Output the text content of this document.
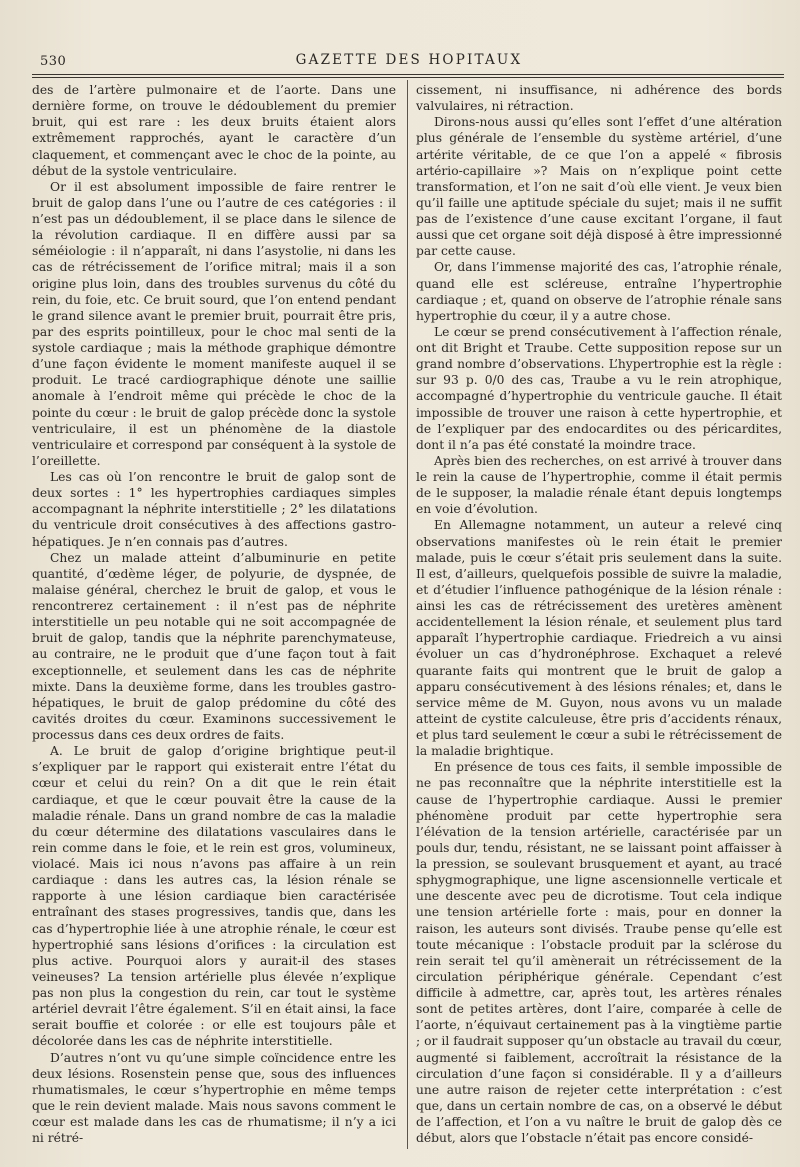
530	GAZETTE DES HOPITAUX

des de l’artère pulmonaire et de l’aorte. Dans une dernière forme, on trouve le dédoublement du premier bruit, qui est rare : les deux bruits étaient alors extrêmement rapprochés, ayant le caractère d’un claquement, et commençant avec le choc de la pointe, au début de la systole ventriculaire.

Or il est absolument impossible de faire rentrer le bruit de galop dans l’une ou l’autre de ces catégories : il n’est pas un dédoublement, il se place dans le silence de la révolution cardiaque. Il en diffère aussi par sa séméiologie : il n’apparaît, ni dans l’asystolie, ni dans les cas de rétrécissement de l’orifice mitral; mais il a son origine plus loin, dans des troubles survenus du côté du rein, du foie, etc. Ce bruit sourd, que l’on entend pendant le grand silence avant le premier bruit, pourrait être pris, par des esprits pointilleux, pour le choc mal senti de la systole cardiaque ; mais la méthode graphique démontre d’une façon évidente le moment manifeste auquel il se produit. Le tracé cardiographique dénote une saillie anomale à l’endroit même qui précède le choc de la pointe du cœur : le bruit de galop précède donc la systole ventriculaire, il est un phénomène de la diastole ventriculaire et correspond par conséquent à la systole de l’oreillette.

Les cas où l’on rencontre le bruit de galop sont de deux sortes : 1° les hypertrophies cardiaques simples accompagnant la néphrite interstitielle ; 2° les dilatations du ventricule droit consécutives à des affections gastro-hépatiques. Je n’en connais pas d’autres.

Chez un malade atteint d’albuminurie en petite quantité, d’œdème léger, de polyurie, de dyspnée, de malaise général, cherchez le bruit de galop, et vous le rencontrerez certainement : il n’est pas de néphrite interstitielle un peu notable qui ne soit accompagnée de bruit de galop, tandis que la néphrite parenchymateuse, au contraire, ne le produit que d’une façon tout à fait exceptionnelle, et seulement dans les cas de néphrite mixte. Dans la deuxième forme, dans les troubles gastro-hépatiques, le bruit de galop prédomine du côté des cavités droites du cœur. Examinons successivement le processus dans ces deux ordres de faits.

A. Le bruit de galop d’origine brightique peut-il s’expliquer par le rapport qui existerait entre l’état du cœur et celui du rein? On a dit que le rein était cardiaque, et que le cœur pouvait être la cause de la maladie rénale. Dans un grand nombre de cas la maladie du cœur détermine des dilatations vasculaires dans le rein comme dans le foie, et le rein est gros, volumineux, violacé. Mais ici nous n’avons pas affaire à un rein cardiaque : dans les autres cas, la lésion rénale se rapporte à une lésion cardiaque bien caractérisée entraînant des stases progressives, tandis que, dans les cas d’hypertrophie liée à une atrophie rénale, le cœur est hypertrophié sans lésions d’orifices : la circulation est plus active. Pourquoi alors y aurait-il des stases veineuses? La tension artérielle plus élevée n’explique pas non plus la congestion du rein, car tout le système artériel devrait l’être également. S’il en était ainsi, la face serait bouffie et colorée : or elle est toujours pâle et décolorée dans les cas de néphrite interstitielle.

D’autres n’ont vu qu’une simple coïncidence entre les deux lésions. Rosenstein pense que, sous des influences rhumatismales, le cœur s’hypertrophie en même temps que le rein devient malade. Mais nous savons comment le cœur est malade dans les cas de rhumatisme; il n’y a ici ni rétré-

cissement, ni insuffisance, ni adhérence des bords valvulaires, ni rétraction.

Dirons-nous aussi qu’elles sont l’effet d’une altération plus générale de l’ensemble du système artériel, d’une artérite véritable, de ce que l’on a appelé « fibrosis artério-capillaire »? Mais on n’explique point cette transformation, et l’on ne sait d’où elle vient. Je veux bien qu’il faille une aptitude spéciale du sujet; mais il ne suffit pas de l’existence d’une cause excitant l’organe, il faut aussi que cet organe soit déjà disposé à être impressionné par cette cause.

Or, dans l’immense majorité des cas, l’atrophie rénale, quand elle est scléreuse, entraîne l’hypertrophie cardiaque ; et, quand on observe de l’atrophie rénale sans hypertrophie du cœur, il y a autre chose.

Le cœur se prend consécutivement à l’affection rénale, ont dit Bright et Traube. Cette supposition repose sur un grand nombre d’observations. L’hypertrophie est la règle : sur 93 p. 0/0 des cas, Traube a vu le rein atrophique, accompagné d’hypertrophie du ventricule gauche. Il était impossible de trouver une raison à cette hypertrophie, et de l’expliquer par des endocardites ou des péricardites, dont il n’a pas été constaté la moindre trace.

Après bien des recherches, on est arrivé à trouver dans le rein la cause de l’hypertrophie, comme il était permis de le supposer, la maladie rénale étant depuis longtemps en voie d’évolution.

En Allemagne notamment, un auteur a relevé cinq observations manifestes où le rein était le premier malade, puis le cœur s’était pris seulement dans la suite. Il est, d’ailleurs, quelquefois possible de suivre la maladie, et d’étudier l’influence pathogénique de la lésion rénale : ainsi les cas de rétrécissement des uretères amènent accidentellement la lésion rénale, et seulement plus tard apparaît l’hypertrophie cardiaque. Friedreich a vu ainsi évoluer un cas d’hydronéphrose. Exchaquet a relevé quarante faits qui montrent que le bruit de galop a apparu consécutivement à des lésions rénales; et, dans le service même de M. Guyon, nous avons vu un malade atteint de cystite calculeuse, être pris d’accidents rénaux, et plus tard seulement le cœur a subi le rétrécissement de la maladie brightique.

En présence de tous ces faits, il semble impossible de ne pas reconnaître que la néphrite interstitielle est la cause de l’hypertrophie cardiaque. Aussi le premier phénomène produit par cette hypertrophie sera l’élévation de la tension artérielle, caractérisée par un pouls dur, tendu, résistant, ne se laissant point affaisser à la pression, se soulevant brusquement et ayant, au tracé sphygmographique, une ligne ascensionnelle verticale et une descente avec peu de dicrotisme. Tout cela indique une tension artérielle forte : mais, pour en donner la raison, les auteurs sont divisés. Traube pense qu’elle est toute mécanique : l’obstacle produit par la sclérose du rein serait tel qu’il amènerait un rétrécissement de la circulation périphérique générale. Cependant c’est difficile à admettre, car, après tout, les artères rénales sont de petites artères, dont l’aire, comparée à celle de l’aorte, n’équivaut certainement pas à la vingtième partie ; or il faudrait supposer qu’un obstacle au travail du cœur, augmenté si faiblement, accroîtrait la résistance de la circulation d’une façon si considérable. Il y a d’ailleurs une autre raison de rejeter cette interprétation : c’est que, dans un certain nombre de cas, on a observé le début de l’affection, et l’on a vu naître le bruit de galop dès ce début, alors que l’obstacle n’était pas encore considé-
